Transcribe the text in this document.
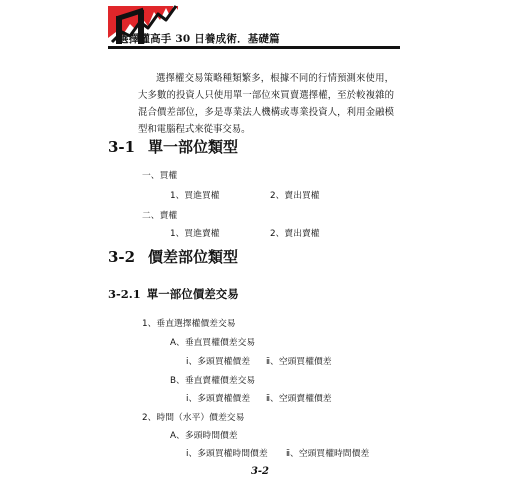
選擇權高手 30 日養成術．基礎篇

選擇權交易策略種類繁多，根據不同的行情預測來使用，大多數的投資人只使用單一部位來買賣選擇權，至於較複雜的混合價差部位，多是專業法人機構或專業投資人，利用金融模型和電腦程式來從事交易。

3-1 單一部位類型
一、買權
1、買進買權	2、賣出買權
二、賣權
1、買進賣權	2、賣出賣權
3-2 價差部位類型
3-2.1 單一部位價差交易
1、垂直選擇權價差交易
A、垂直買權價差交易
ⅰ、多頭買權價差 ⅱ、空頭買權價差
B、垂直賣權價差交易
ⅰ、多頭賣權價差 ⅱ、空頭賣權價差
2、時間（水平）價差交易
A、多頭時間價差
ⅰ、多頭買權時間價差 ⅱ、空頭買權時間價差
3-2
